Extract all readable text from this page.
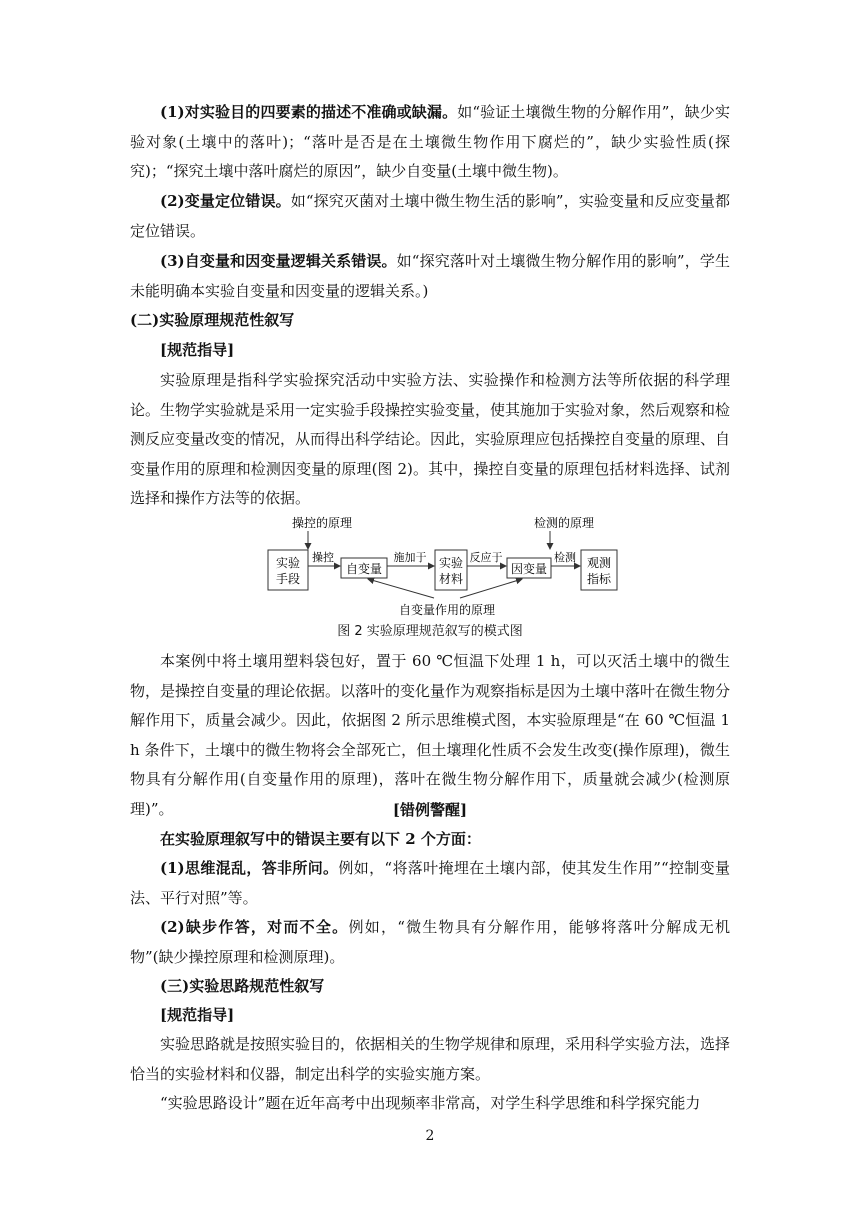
(1)对实验目的四要素的描述不准确或缺漏。如“验证土壤微生物的分解作用”，缺少实验对象(土壤中的落叶)；“落叶是否是在土壤微生物作用下腐烂的”，缺少实验性质(探究)；“探究土壤中落叶腐烂的原因”，缺少自变量(土壤中微生物)。

(2)变量定位错误。如“探究灭菌对土壤中微生物生活的影响”，实验变量和反应变量都定位错误。

(3)自变量和因变量逻辑关系错误。如“探究落叶对土壤微生物分解作用的影响”，学生未能明确本实验自变量和因变量的逻辑关系。)

(二)实验原理规范性叙写

[规范指导]

实验原理是指科学实验探究活动中实验方法、实验操作和检测方法等所依据的科学理论。生物学实验就是采用一定实验手段操控实验变量，使其施加于实验对象，然后观察和检测反应变量改变的情况，从而得出科学结论。因此，实验原理应包括操控自变量的原理、自变量作用的原理和检测因变量的原理(图 2)。其中，操控自变量的原理包括材料选择、试剂选择和操作方法等的依据。

操控的原理	检测的原理
实验
手段
操控
自变量
施加于 实验
材料
反应于
因变量
检测 观测
指标
自变量作用的原理

图 2 实验原理规范叙写的模式图

本案例中将土壤用塑料袋包好，置于 60 ℃恒温下处理 1 h，可以灭活土壤中的微生物，是操控自变量的理论依据。以落叶的变化量作为观察指标是因为土壤中落叶在微生物分解作用下，质量会减少。因此，依据图 2 所示思维模式图，本实验原理是“在 60 ℃恒温 1 h 条件下，土壤中的微生物将会全部死亡，但土壤理化性质不会发生改变(操作原理)，微生物具有分解作用(自变量作用的原理)，落叶在微生物分解作用下，质量就会减少(检测原理)”。	[错例警醒]

在实验原理叙写中的错误主要有以下 2 个方面：

(1)思维混乱，答非所问。例如，“将落叶掩埋在土壤内部，使其发生作用”“控制变量法、平行对照”等。

(2)缺步作答，对而不全。例如，“微生物具有分解作用，能够将落叶分解成无机物”(缺少操控原理和检测原理)。

(三)实验思路规范性叙写

[规范指导]

实验思路就是按照实验目的，依据相关的生物学规律和原理，采用科学实验方法，选择恰当的实验材料和仪器，制定出科学的实验实施方案。

“实验思路设计”题在近年高考中出现频率非常高，对学生科学思维和科学探究能力

2
